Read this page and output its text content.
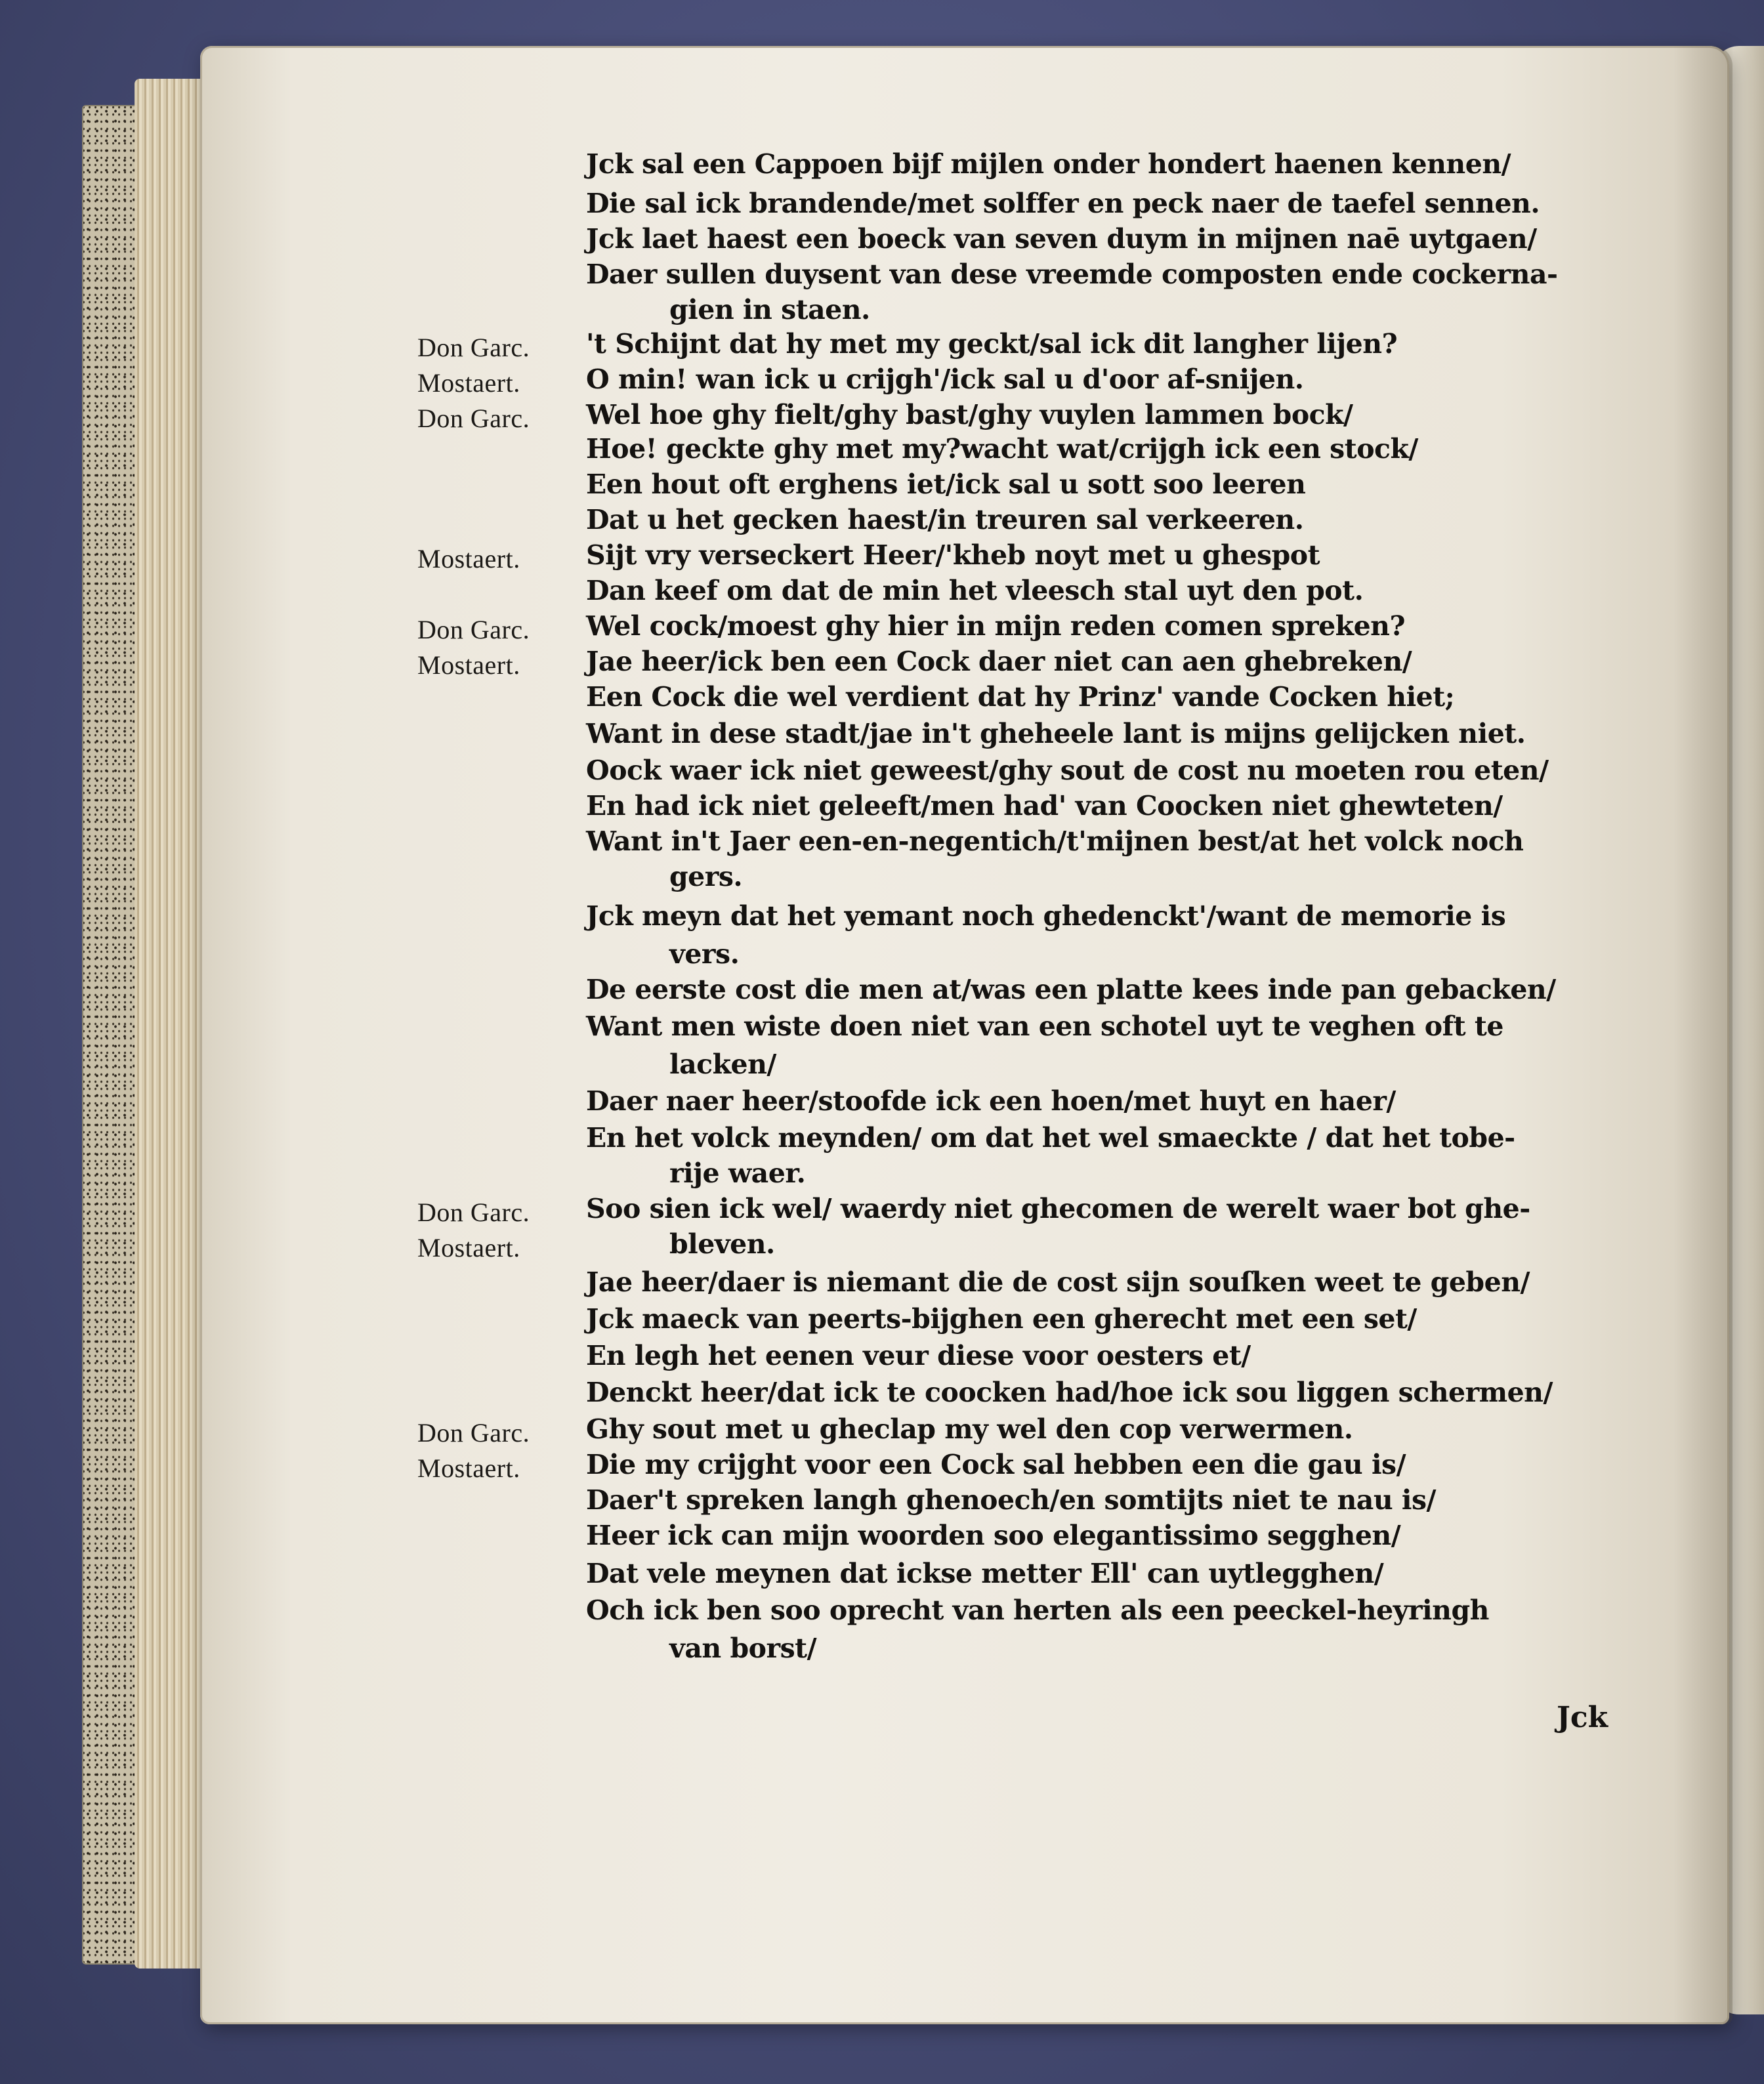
Jck sal een Cappoen bijf mijlen onder hondert haenen kennen/
Die sal ick brandende/met solffer en peck naer de taefel sennen.
Jck laet haest een boeck van seven duym in mijnen naē uytgaen/
Daer sullen duysent van dese vreemde composten ende cockerna-
gien in staen.
Don Garc. 't Schijnt dat hy met my geckt/sal ick dit langher lijen?
Mostaert. O min! wan ick u crijgh'/ick sal u d'oor af-snijen.
Don Garc. Wel hoe ghy fielt/ghy bast/ghy vuylen lammen bock/
Hoe! geckte ghy met my?wacht wat/crijgh ick een stock/
Een hout oft erghens iet/ick sal u sott soo leeren
Dat u het gecken haest/in treuren sal verkeeren.
Mostaert. Sijt vry verseckert Heer/'kheb noyt met u ghespot
Dan keef om dat de min het vleesch stal uyt den pot.
Don Garc. Wel cock/moest ghy hier in mijn reden comen spreken?
Mostaert. Jae heer/ick ben een Cock daer niet can aen ghebreken/
Een Cock die wel verdient dat hy Prinz' vande Cocken hiet;
Want in dese stadt/jae in't gheheele lant is mijns gelijcken niet.
Oock waer ick niet geweest/ghy sout de cost nu moeten rou eten/
En had ick niet geleeft/men had' van Coocken niet ghewteten/
Want in't Jaer een-en-negentich/t'mijnen best/at het volck noch
gers.
Jck meyn dat het yemant noch ghedenckt'/want de memorie is
vers.
De eerste cost die men at/was een platte kees inde pan gebacken/
Want men wiste doen niet van een schotel uyt te veghen oft te
lacken/
Daer naer heer/stoofde ick een hoen/met huyt en haer/
En het volck meynden/ om dat het wel smaeckte / dat het tobe-
rije waer.
Don Garc. Soo sien ick wel/ waerdy niet ghecomen de werelt waer bot ghe-
Mostaert.	bleven.
Jae heer/daer is niemant die de cost sijn souſken weet te geben/
Jck maeck van peerts-bijghen een gherecht met een set/
En legh het eenen veur diese voor oesters et/
Denckt heer/dat ick te coocken had/hoe ick sou liggen schermen/
Don Garc. Ghy sout met u gheclap my wel den cop verwermen.
Mostaert. Die my crijght voor een Cock sal hebben een die gau is/
Daer't spreken langh ghenoech/en somtijts niet te nau is/
Heer ick can mijn woorden soo elegantissimo segghen/
Dat vele meynen dat ickse metter Ell' can uytlegghen/
Och ick ben soo oprecht van herten als een peeckel-heyringh
van borst/
Jck
